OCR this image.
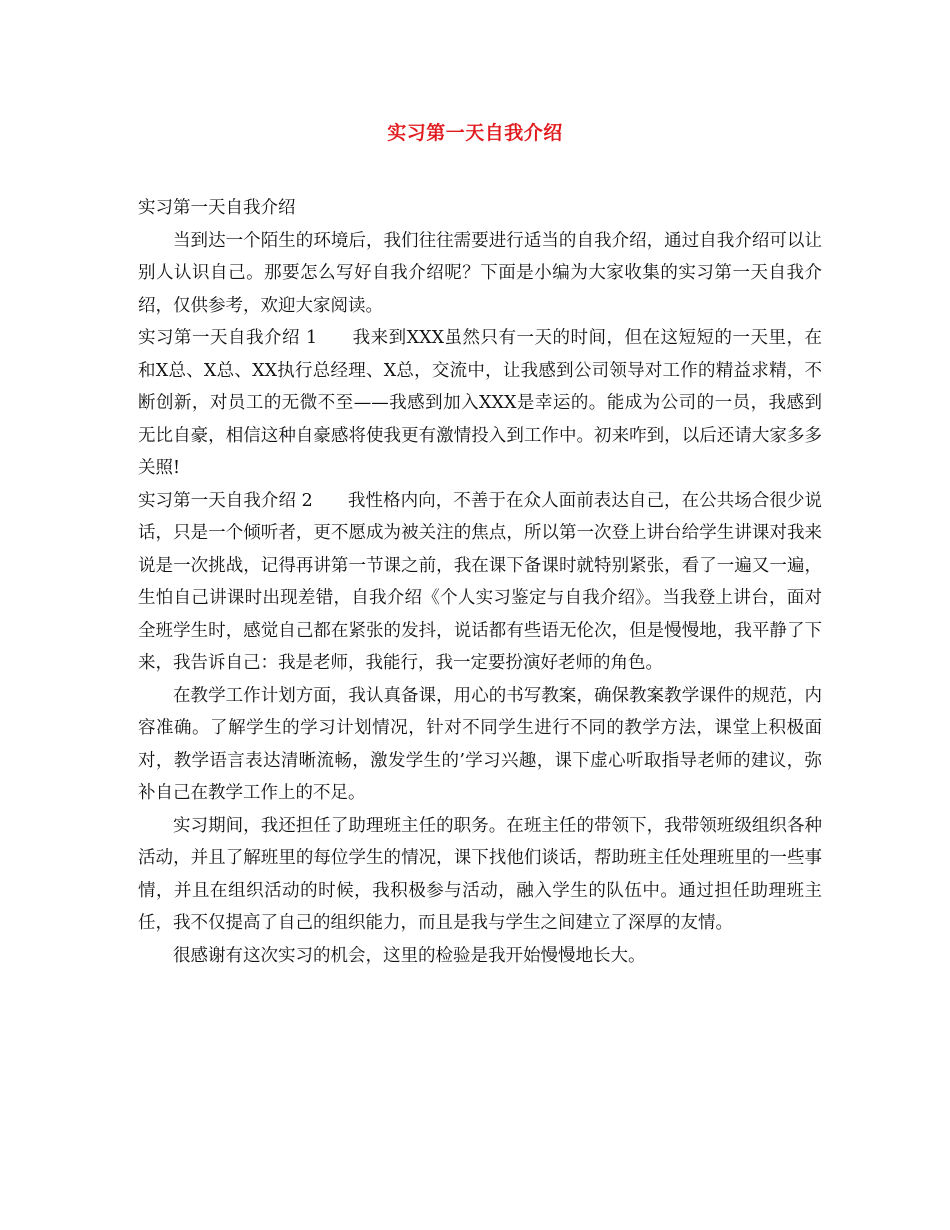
实习第一天自我介绍

实习第一天自我介绍

当到达一个陌生的环境后，我们往往需要进行适当的自我介绍，通过自我介绍可以让别人认识自己。那要怎么写好自我介绍呢？下面是小编为大家收集的实习第一天自我介绍，仅供参考，欢迎大家阅读。

实习第一天自我介绍 1 我来到XXX虽然只有一天的时间，但在这短短的一天里，在和X总、X总、XX执行总经理、X总，交流中，让我感到公司领导对工作的精益求精，不断创新，对员工的无微不至——我感到加入XXX是幸运的。能成为公司的一员，我感到无比自豪，相信这种自豪感将使我更有激情投入到工作中。初来咋到，以后还请大家多多关照!

实习第一天自我介绍 2 我性格内向，不善于在众人面前表达自己，在公共场合很少说话，只是一个倾听者，更不愿成为被关注的焦点，所以第一次登上讲台给学生讲课对我来说是一次挑战，记得再讲第一节课之前，我在课下备课时就特别紧张，看了一遍又一遍，生怕自己讲课时出现差错，自我介绍《个人实习鉴定与自我介绍》。当我登上讲台，面对全班学生时，感觉自己都在紧张的发抖，说话都有些语无伦次，但是慢慢地，我平静了下来，我告诉自己：我是老师，我能行，我一定要扮演好老师的角色。

在教学工作计划方面，我认真备课，用心的书写教案，确保教案教学课件的规范，内容准确。了解学生的学习计划情况，针对不同学生进行不同的教学方法，课堂上积极面对，教学语言表达清晰流畅，激发学生的’学习兴趣，课下虚心听取指导老师的建议，弥补自己在教学工作上的不足。

实习期间，我还担任了助理班主任的职务。在班主任的带领下，我带领班级组织各种活动，并且了解班里的每位学生的情况，课下找他们谈话，帮助班主任处理班里的一些事情，并且在组织活动的时候，我积极参与活动，融入学生的队伍中。通过担任助理班主任，我不仅提高了自己的组织能力，而且是我与学生之间建立了深厚的友情。

很感谢有这次实习的机会，这里的检验是我开始慢慢地长大。
